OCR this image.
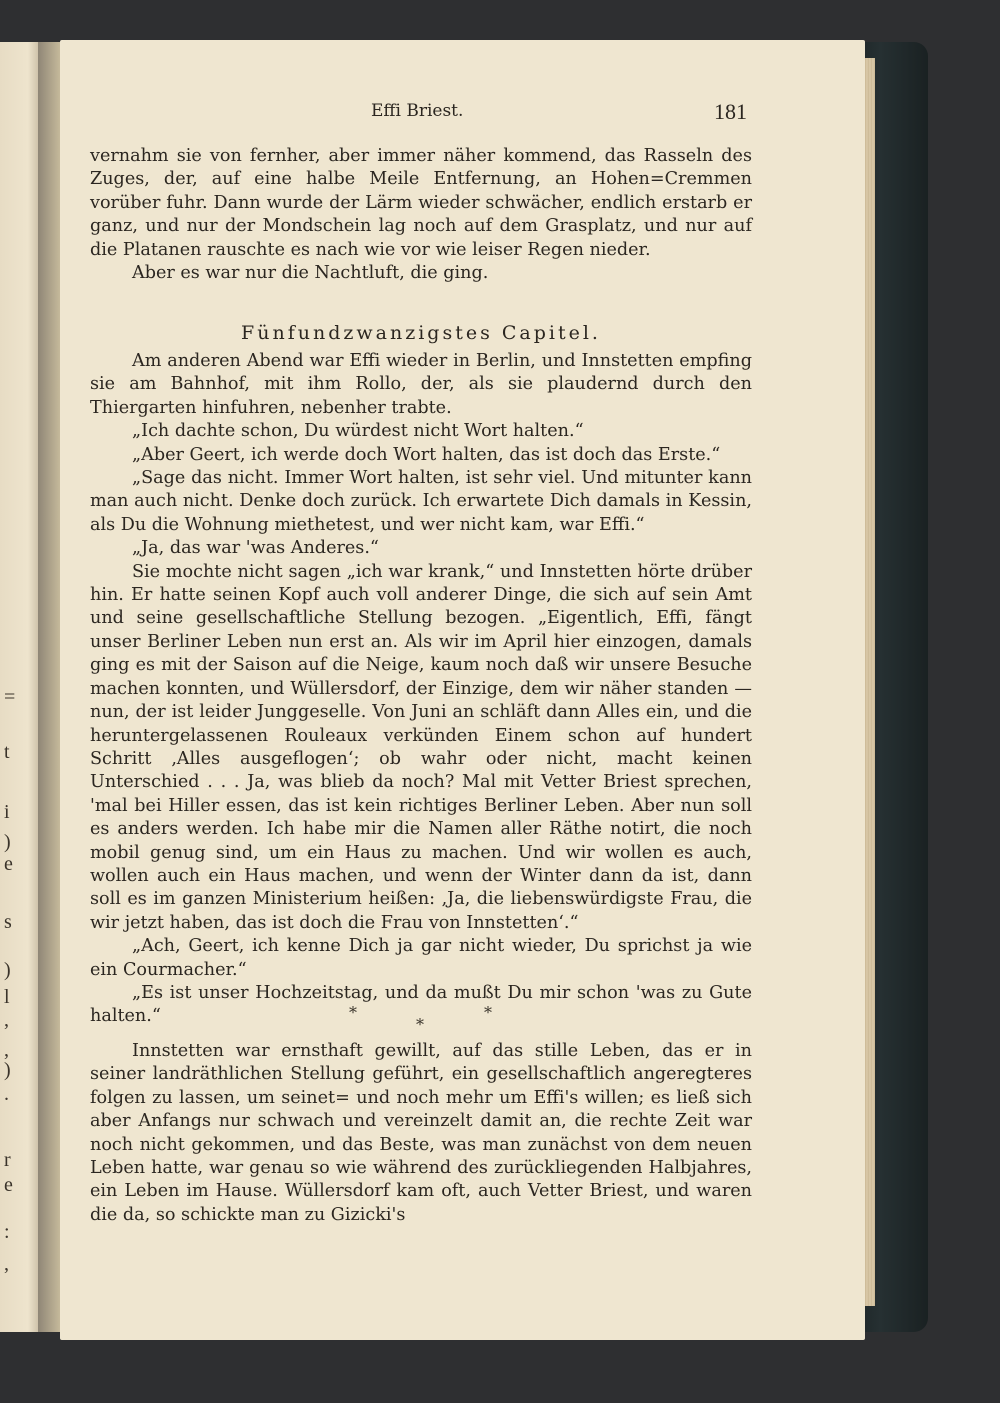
=
t
i
)
e
s
)
l
,
,
)
.
r
e
:
,
Effi Briest.	181

vernahm sie von fernher, aber immer näher kommend, das Rasseln des Zuges, der, auf eine halbe Meile Entfernung, an Hohen=Cremmen vorüber fuhr. Dann wurde der Lärm wieder schwächer, endlich erstarb er ganz, und nur der Mondschein lag noch auf dem Grasplatz, und nur auf die Platanen rauschte es nach wie vor wie leiser Regen nieder.

Aber es war nur die Nachtluft, die ging.

Fünfundzwanzigstes Capitel.

Am anderen Abend war Effi wieder in Berlin, und Innstetten empfing sie am Bahnhof, mit ihm Rollo, der, als sie plaudernd durch den Thiergarten hinfuhren, nebenher trabte.

„Ich dachte schon, Du würdest nicht Wort halten.“

„Aber Geert, ich werde doch Wort halten, das ist doch das Erste.“

„Sage das nicht. Immer Wort halten, ist sehr viel. Und mitunter kann man auch nicht. Denke doch zurück. Ich erwartete Dich damals in Kessin, als Du die Wohnung miethetest, und wer nicht kam, war Effi.“

„Ja, das war 'was Anderes.“

Sie mochte nicht sagen „ich war krank,“ und Innstetten hörte drüber hin. Er hatte seinen Kopf auch voll anderer Dinge, die sich auf sein Amt und seine gesellschaftliche Stellung bezogen. „Eigentlich, Effi, fängt unser Berliner Leben nun erst an. Als wir im April hier einzogen, damals ging es mit der Saison auf die Neige, kaum noch daß wir unsere Besuche machen konnten, und Wüllersdorf, der Einzige, dem wir näher standen — nun, der ist leider Junggeselle. Von Juni an schläft dann Alles ein, und die heruntergelassenen Rouleaux verkünden Einem schon auf hundert Schritt ‚Alles ausgeflogen‘; ob wahr oder nicht, macht keinen Unterschied . . . Ja, was blieb da noch? Mal mit Vetter Briest sprechen, 'mal bei Hiller essen, das ist kein richtiges Berliner Leben. Aber nun soll es anders werden. Ich habe mir die Namen aller Räthe notirt, die noch mobil genug sind, um ein Haus zu machen. Und wir wollen es auch, wollen auch ein Haus machen, und wenn der Winter dann da ist, dann soll es im ganzen Ministerium heißen: ‚Ja, die liebenswürdigste Frau, die wir jetzt haben, das ist doch die Frau von Innstetten‘.“

„Ach, Geert, ich kenne Dich ja gar nicht wieder, Du sprichst ja wie ein Courmacher.“

„Es ist unser Hochzeitstag, und da mußt Du mir schon 'was zu Gute halten.“	*	*
*

Innstetten war ernsthaft gewillt, auf das stille Leben, das er in seiner landräthlichen Stellung geführt, ein gesellschaftlich angeregteres folgen zu lassen, um seinet= und noch mehr um Effi's willen; es ließ sich aber Anfangs nur schwach und vereinzelt damit an, die rechte Zeit war noch nicht gekommen, und das Beste, was man zunächst von dem neuen Leben hatte, war genau so wie während des zurückliegenden Halbjahres, ein Leben im Hause. Wüllersdorf kam oft, auch Vetter Briest, und waren die da, so schickte man zu Gizicki's
